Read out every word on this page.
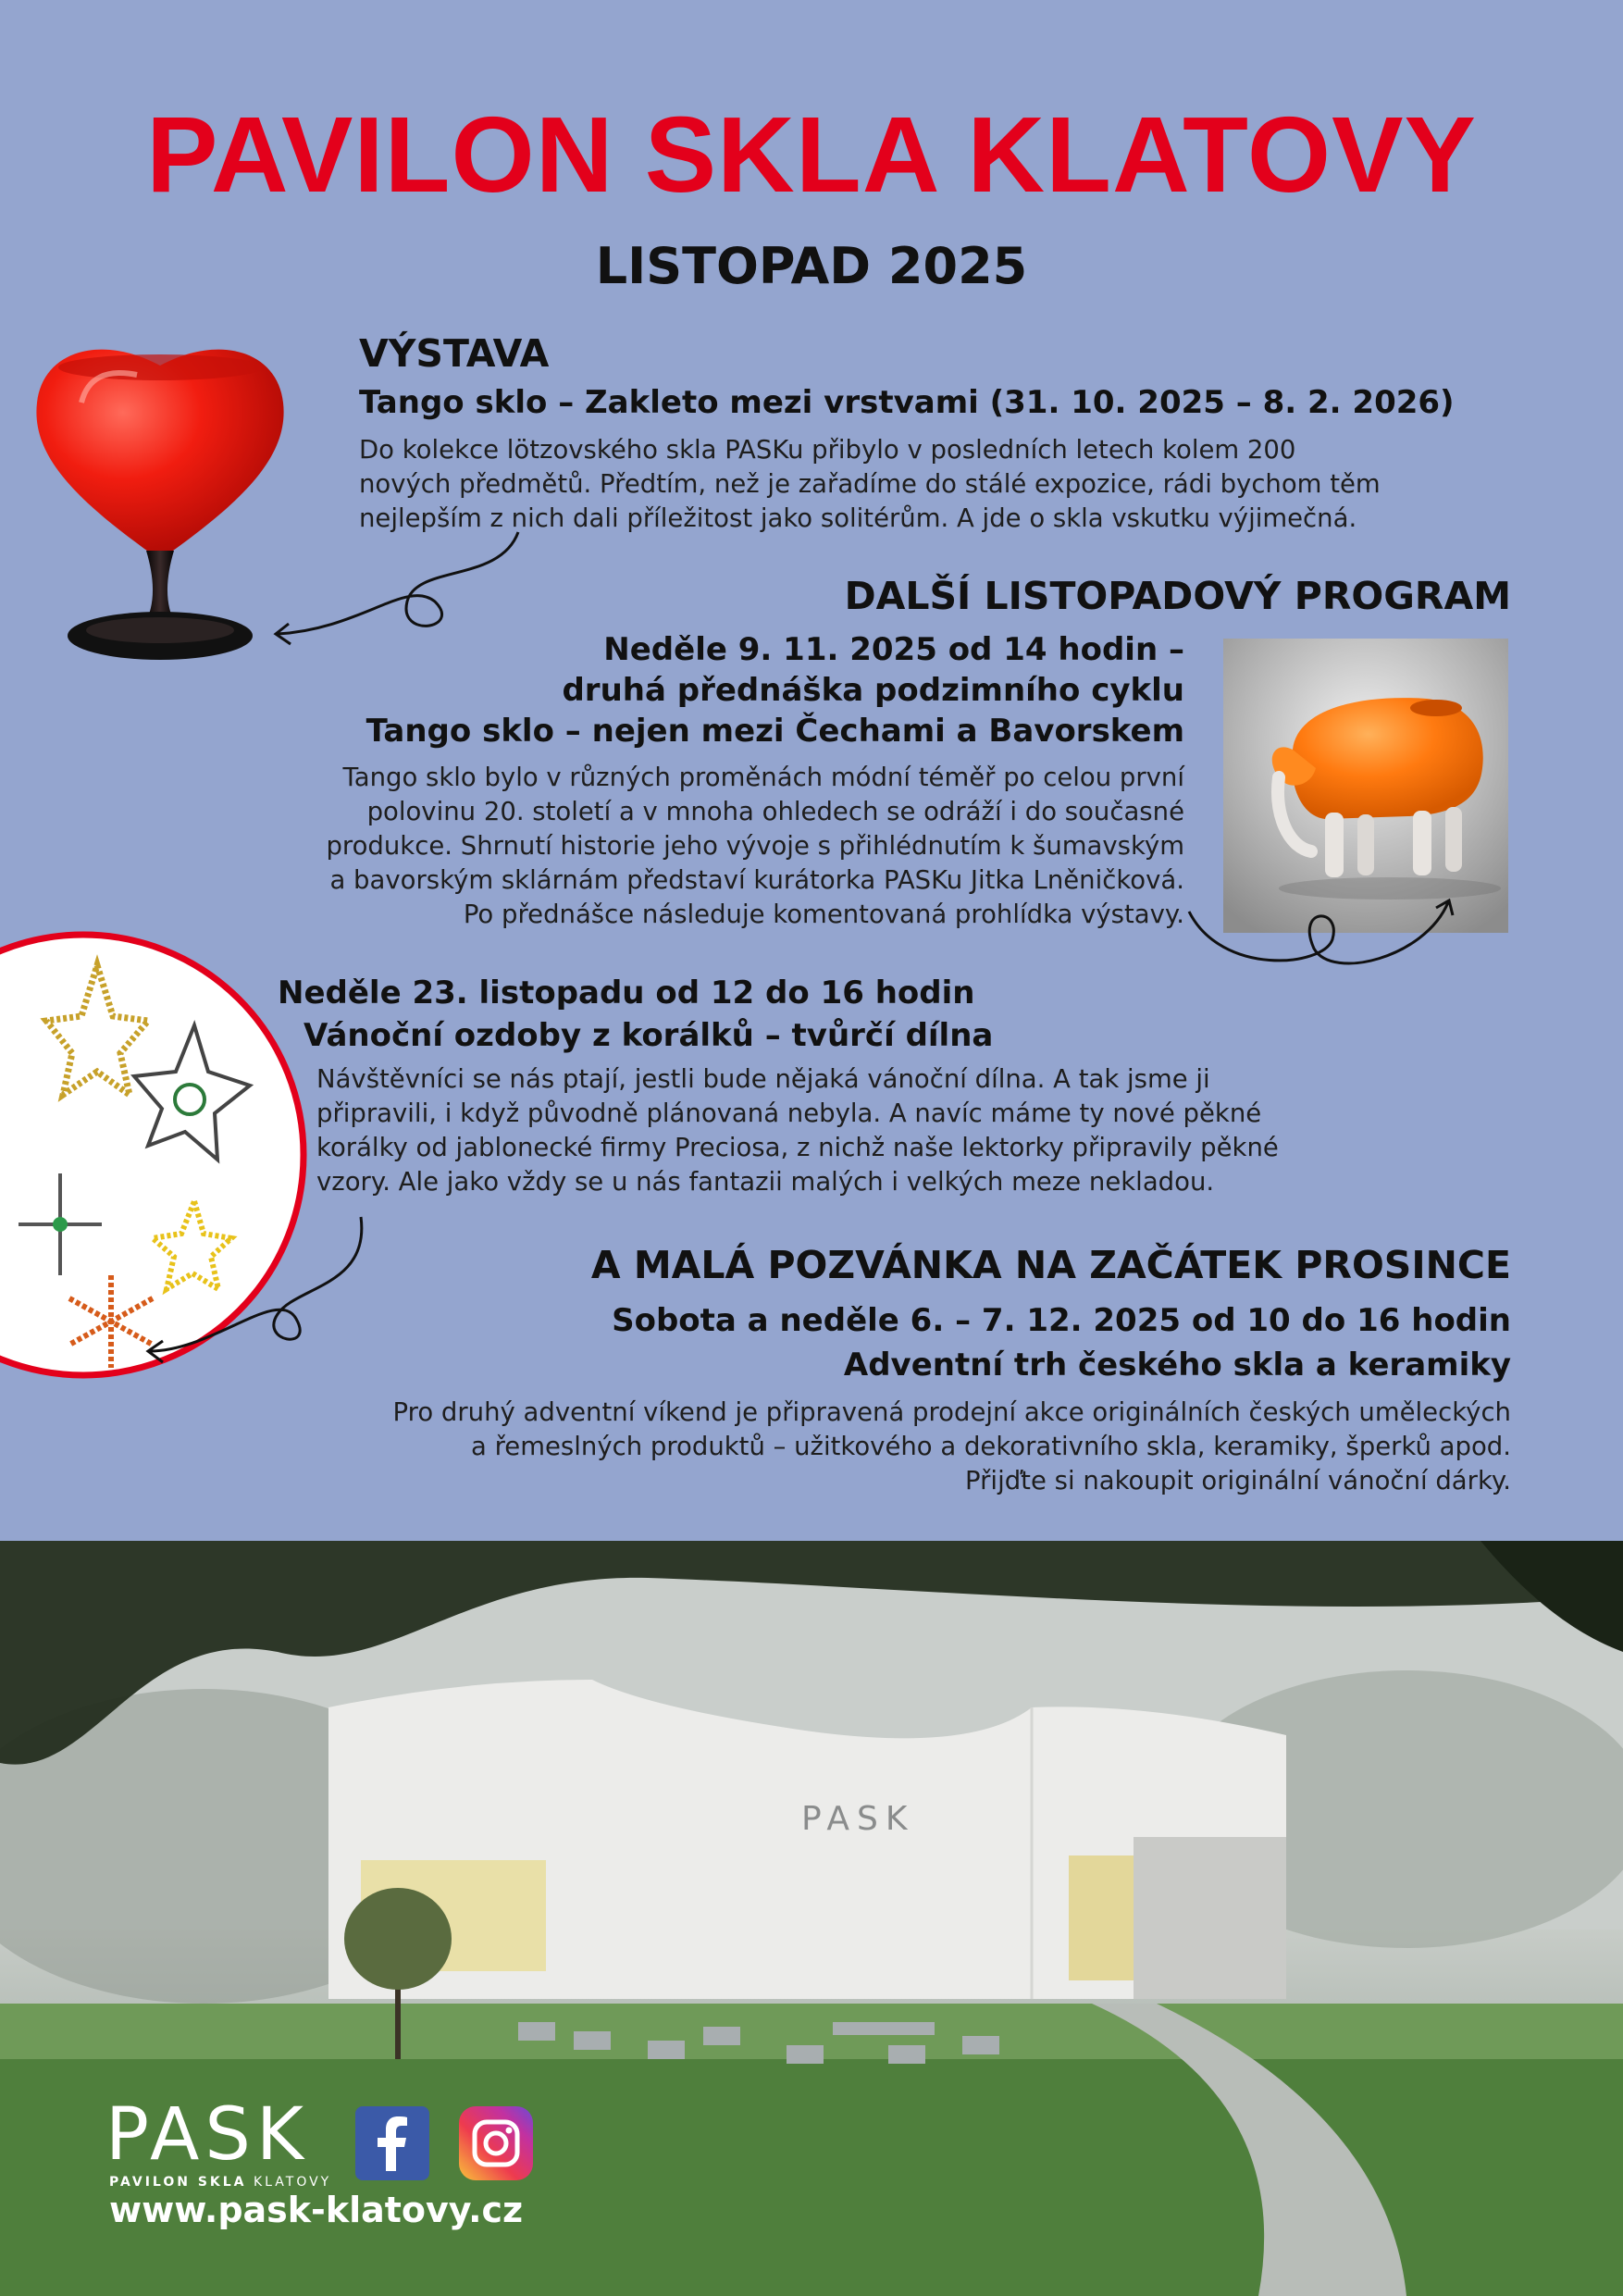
PAVILON SKLA KLATOVY
LISTOPAD 2025
VÝSTAVA
Tango sklo – Zakleto mezi vrstvami (31. 10. 2025 – 8. 2. 2026)
Do kolekce lötzovského skla PASKu přibylo v posledních letech kolem 200
nových předmětů. Předtím, než je zařadíme do stálé expozice, rádi bychom těm
nejlepším z nich dali příležitost jako solitérům. A jde o skla vskutku výjimečná.
DALŠÍ LISTOPADOVÝ PROGRAM
Neděle 9. 11. 2025 od 14 hodin –
druhá přednáška podzimního cyklu
Tango sklo – nejen mezi Čechami a Bavorskem
Tango sklo bylo v různých proměnách módní téměř po celou první
polovinu 20. století a v mnoha ohledech se odráží i do současné
produkce. Shrnutí historie jeho vývoje s přihlédnutím k šumavským
a bavorským sklárnám představí kurátorka PASKu Jitka Lněničková.
Po přednášce následuje komentovaná prohlídka výstavy.
Neděle 23. listopadu od 12 do 16 hodin
Vánoční ozdoby z korálků – tvůrčí dílna
Návštěvníci se nás ptají, jestli bude nějaká vánoční dílna. A tak jsme ji
připravili, i když původně plánovaná nebyla. A navíc máme ty nové pěkné
korálky od jablonecké firmy Preciosa, z nichž naše lektorky připravily pěkné
vzory. Ale jako vždy se u nás fantazii malých i velkých meze nekladou.
A MALÁ POZVÁNKA NA ZAČÁTEK PROSINCE
Sobota a neděle 6. – 7. 12. 2025 od 10 do 16 hodin
Adventní trh českého skla a keramiky
Pro druhý adventní víkend je připravená prodejní akce originálních českých uměleckých
a řemeslných produktů – užitkového a dekorativního skla, keramiky, šperků apod.
Přijďte si nakoupit originální vánoční dárky.
PASK
PASK
PAVILON SKLA KLATOVY
www.pask-klatovy.cz
